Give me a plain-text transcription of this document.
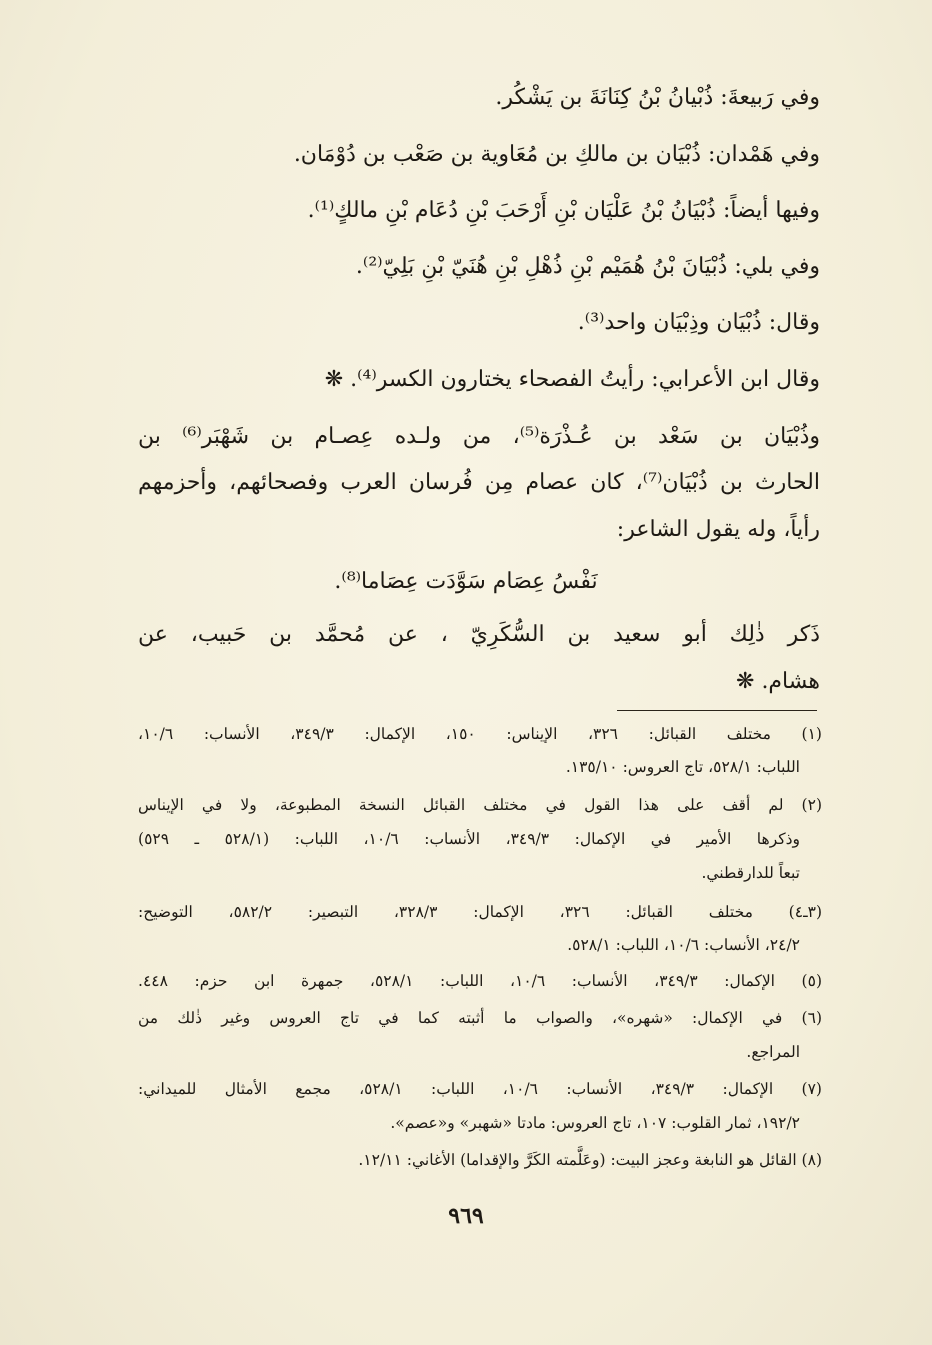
وفي رَبيعةَ: ذُبْيانُ بْنُ كِنَانَةَ بن يَشْكُر.
وفي هَمْدان: ذُبْيَان بن مالكِ بن مُعَاوية بن صَعْب بن دُوْمَان.
وفيها أيضاً: ذُبْيَانُ بْنُ عَلْيَان بْنِ أَرْحَبَ بْنِ دُعَام بْنِ مالكٍ⁽¹⁾.
وفي بلي: ذُبْيَانَ بْنُ هُمَيْم بْنِ ذُهْلِ بْنِ هُنَيّ بْنِ بَلِيّ⁽²⁾.
وقال: ذُبْيَان وذِبْيَان واحد⁽³⁾.
وقال ابن الأعرابي: رأيتُ الفصحاء يختارون الكسر⁽⁴⁾. ❋
وذُبْيَان بن سَعْد بن عُـذْرَة⁽⁵⁾، من ولـده عِصـام بن شَهْبَر⁽⁶⁾ بن
الحارث بن ذُبْيَان⁽⁷⁾، كان عصام مِن فُرسان العرب وفصحائهم، وأحزمهم
رأياً، وله يقول الشاعر:
نَفْسُ عِصَام سَوَّدَت عِصَاما⁽⁸⁾.
ذَكر ذٰلِك أبو سعيد بن السُّكَرِيّ ، عن مُحمَّد بن حَبيب، عن
هشام. ❋
(١) مختلف القبائل: ٣٢٦، الإيناس: ١٥٠، الإكمال: ٣٤٩/٣، الأنساب: ١٠/٦،
اللباب: ٥٢٨/١، تاج العروس: ١٣٥/١٠.
(٢) لم أقف على هذا القول في مختلف القبائل النسخة المطبوعة، ولا في الإيناس
وذكرها الأمير في الإكمال: ٣٤٩/٣، الأنساب: ١٠/٦، اللباب: (٥٢٨/١ ـ ٥٢٩)
تبعاً للدارقطني.
(٣ـ٤) مختلف القبائل: ٣٢٦، الإكمال: ٣٢٨/٣، التبصير: ٥٨٢/٢، التوضيح:
٢٤/٢، الأنساب: ١٠/٦، اللباب: ٥٢٨/١.
(٥) الإكمال: ٣٤٩/٣، الأنساب: ١٠/٦، اللباب: ٥٢٨/١، جمهرة ابن حزم: ٤٤٨.
(٦) في الإكمال: «شهره»، والصواب ما أثبته كما في تاج العروس وغير ذٰلك من
المراجع.
(٧) الإكمال: ٣٤٩/٣، الأنساب: ١٠/٦، اللباب: ٥٢٨/١، مجمع الأمثال للميداني:
١٩٢/٢، ثمار القلوب: ١٠٧، تاج العروس: مادتا «شهبر» و«عصم».
(٨) القائل هو النابغة وعجز البيت: (وعَلَّمته الكَرَّ والإقداما) الأغاني: ١٢/١١.
٩٦٩
